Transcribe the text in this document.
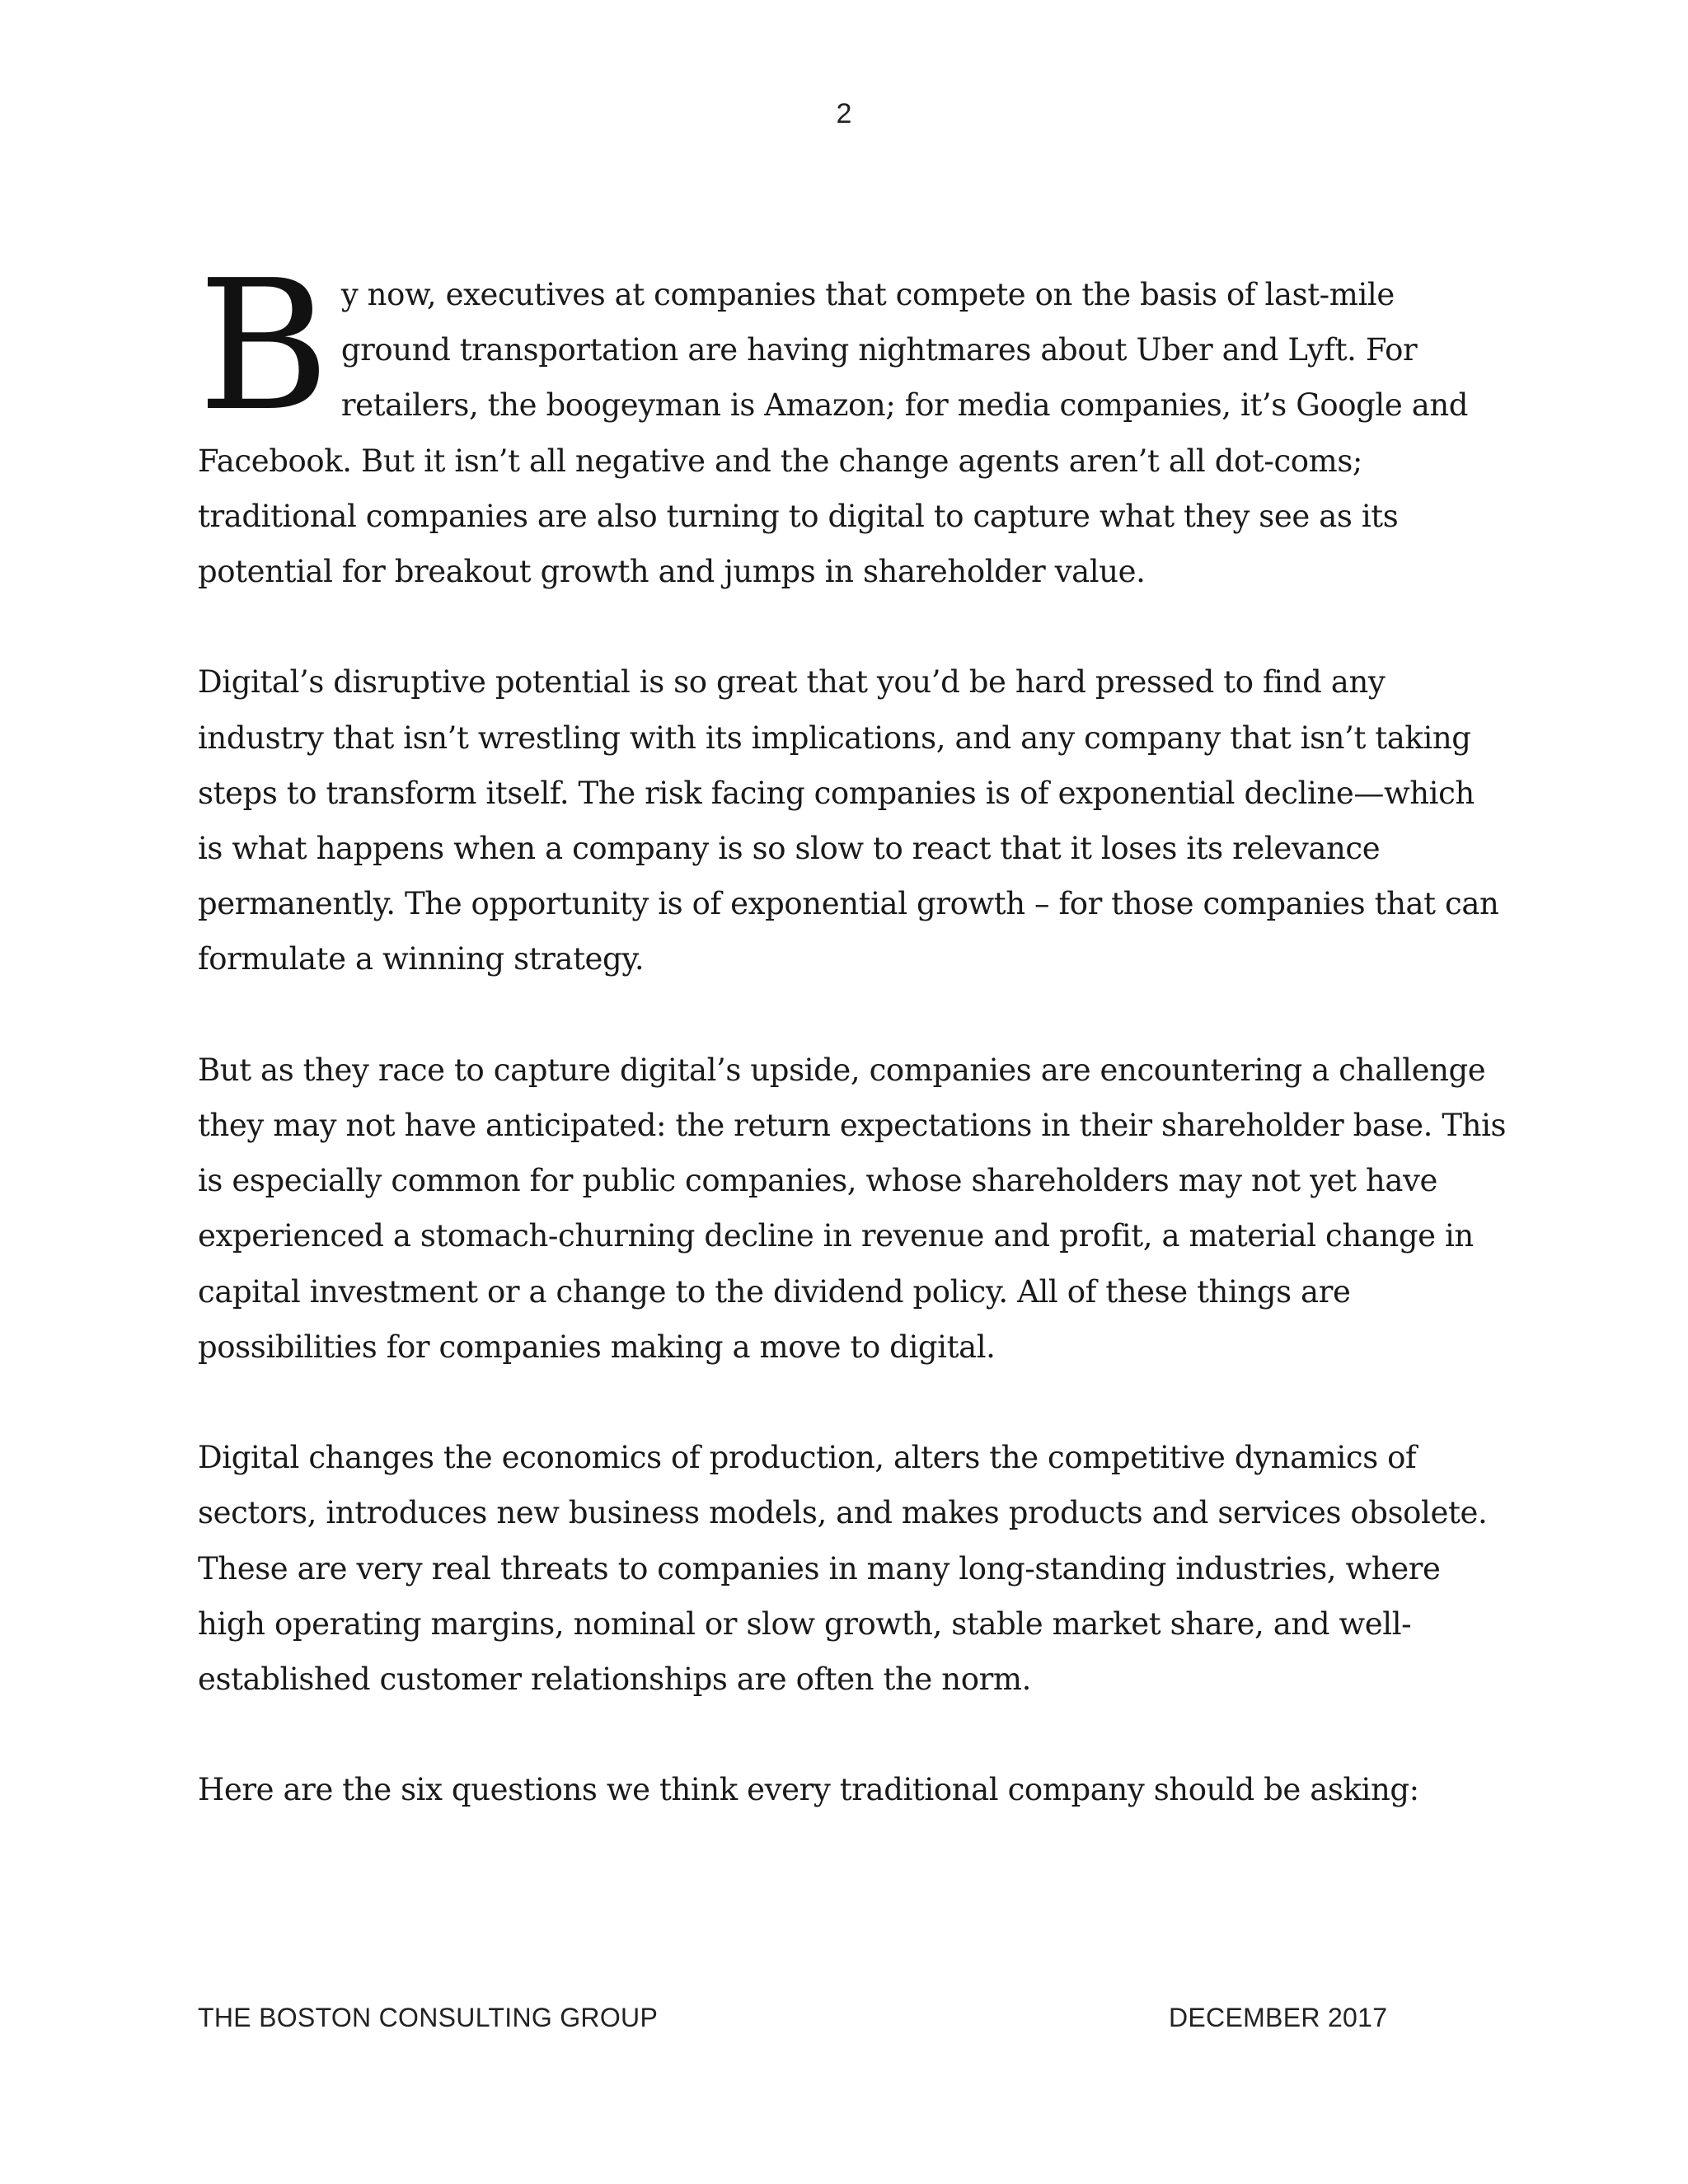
2

By now, executives at companies that compete on the basis of last-mile ground transportation are having nightmares about Uber and Lyft. For retailers, the boogeyman is Amazon; for media companies, it’s Google and Facebook. But it isn’t all negative and the change agents aren’t all dot-coms; traditional companies are also turning to digital to capture what they see as its potential for breakout growth and jumps in shareholder value.

Digital’s disruptive potential is so great that you’d be hard pressed to find any industry that isn’t wrestling with its implications, and any company that isn’t taking steps to transform itself. The risk facing companies is of exponential decline—which is what happens when a company is so slow to react that it loses its relevance permanently. The opportunity is of exponential growth – for those companies that can formulate a winning strategy.

But as they race to capture digital’s upside, companies are encountering a challenge they may not have anticipated: the return expectations in their shareholder base. This is especially common for public companies, whose shareholders may not yet have experienced a stomach-churning decline in revenue and profit, a material change in capital investment or a change to the dividend policy. All of these things are possibilities for companies making a move to digital.

Digital changes the economics of production, alters the competitive dynamics of sectors, introduces new business models, and makes products and services obsolete. These are very real threats to companies in many long-standing industries, where high operating margins, nominal or slow growth, stable market share, and well-established customer relationships are often the norm.

Here are the six questions we think every traditional company should be asking:

THE BOSTON CONSULTING GROUP	DECEMBER 2017
